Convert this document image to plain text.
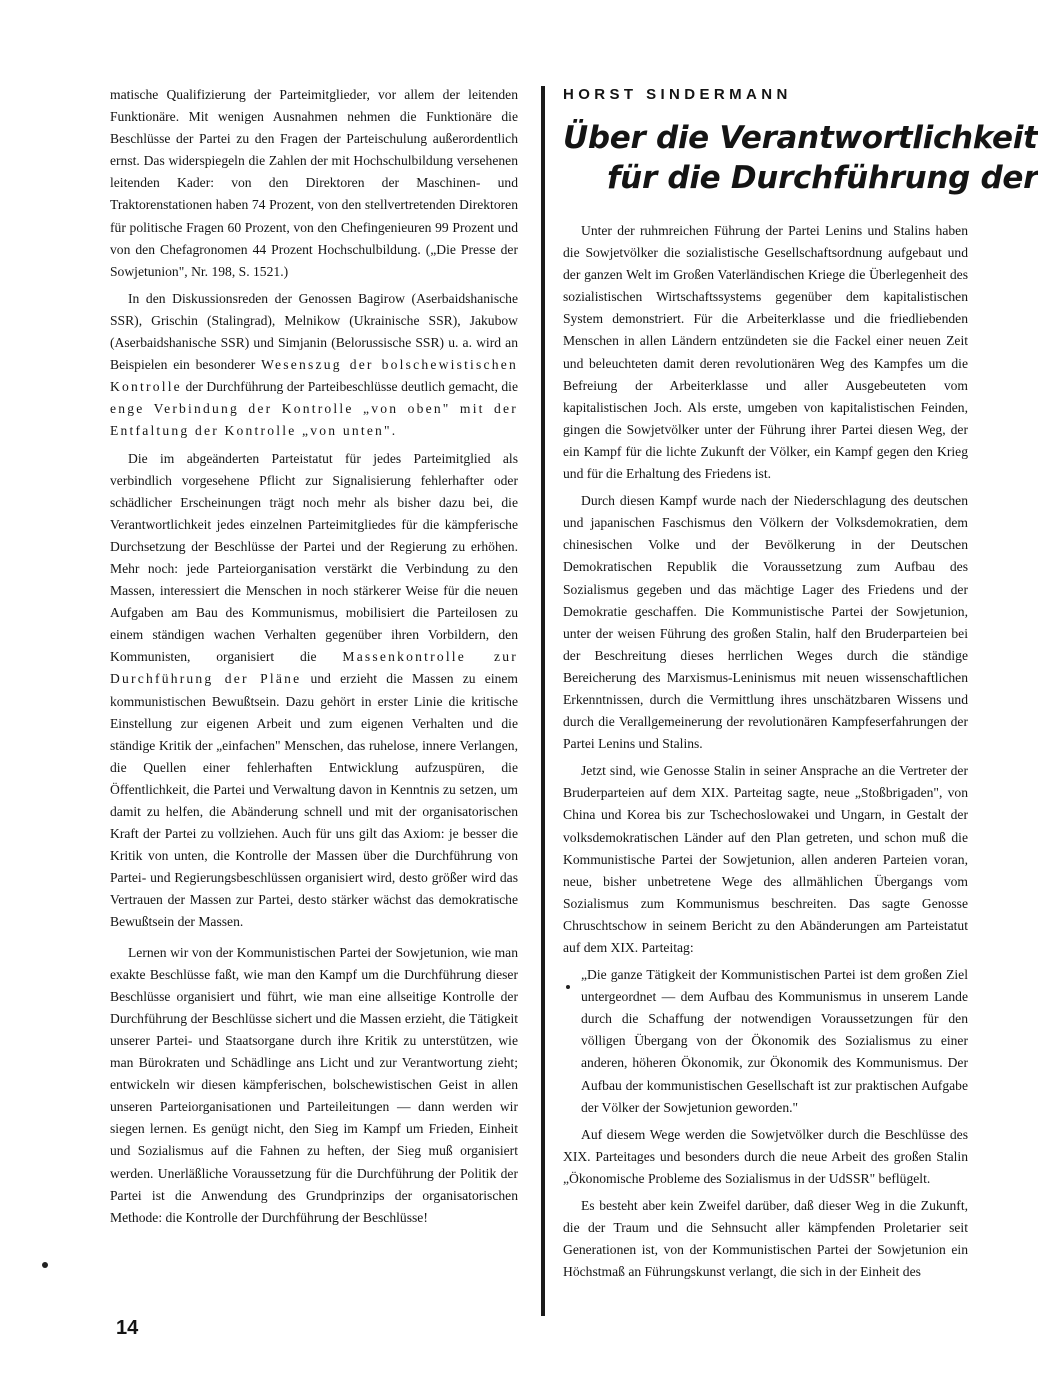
matische Qualifizierung der Parteimitglieder, vor allem der leitenden Funktionäre. Mit wenigen Ausnahmen nehmen die Funktionäre die Beschlüsse der Partei zu den Fragen der Parteischulung außerordentlich ernst. Das widerspiegeln die Zahlen der mit Hochschulbildung versehenen leitenden Kader: von den Direktoren der Maschinen- und Traktorenstationen haben 74 Prozent, von den stellvertretenden Direktoren für politische Fragen 60 Prozent, von den Chefingenieuren 99 Prozent und von den Chefagronomen 44 Prozent Hochschulbildung. („Die Presse der Sowjetunion", Nr. 198, S. 1521.)

In den Diskussionsreden der Genossen Bagirow (Aserbaidshanische SSR), Grischin (Stalingrad), Melnikow (Ukrainische SSR), Jakubow (Aserbaidshanische SSR) und Simjanin (Belorussische SSR) u. a. wird an Beispielen ein besonderer Wesenszug der bolschewistischen Kontrolle der Durchführung der Parteibeschlüsse deutlich gemacht, die enge Verbindung der Kontrolle „von oben" mit der Entfaltung der Kontrolle „von unten".

Die im abgeänderten Parteistatut für jedes Parteimitglied als verbindlich vorgesehene Pflicht zur Signalisierung fehlerhafter oder schädlicher Erscheinungen trägt noch mehr als bisher dazu bei, die Verantwortlichkeit jedes einzelnen Parteimitgliedes für die kämpferische Durchsetzung der Beschlüsse der Partei und der Regierung zu erhöhen. Mehr noch: jede Parteiorganisation verstärkt die Verbindung zu den Massen, interessiert die Menschen in noch stärkerer Weise für die neuen Aufgaben am Bau des Kommunismus, mobilisiert die Parteilosen zu einem ständigen wachen Verhalten gegenüber ihren Vorbildern, den Kommunisten, organisiert die Massenkontrolle zur Durchführung der Pläne und erzieht die Massen zu einem kommunistischen Bewußtsein. Dazu gehört in erster Linie die kritische Einstellung zur eigenen Arbeit und zum eigenen Verhalten und die ständige Kritik der „einfachen" Menschen, das ruhelose, innere Verlangen, die Quellen einer fehlerhaften Entwicklung aufzuspüren, die Öffentlichkeit, die Partei und Verwaltung davon in Kenntnis zu setzen, um damit zu helfen, die Abänderung schnell und mit der organisatorischen Kraft der Partei zu vollziehen. Auch für uns gilt das Axiom: je besser die Kritik von unten, die Kontrolle der Massen über die Durchführung von Partei- und Regierungsbeschlüssen organisiert wird, desto größer wird das Vertrauen der Massen zur Partei, desto stärker wächst das demokratische Bewußtsein der Massen.

Lernen wir von der Kommunistischen Partei der Sowjetunion, wie man exakte Beschlüsse faßt, wie man den Kampf um die Durchführung dieser Beschlüsse organisiert und führt, wie man eine allseitige Kontrolle der Durchführung der Beschlüsse sichert und die Massen erzieht, die Tätigkeit unserer Partei- und Staatsorgane durch ihre Kritik zu unterstützen, wie man Bürokraten und Schädlinge ans Licht und zur Verantwortung zieht; entwickeln wir diesen kämpferischen, bolschewistischen Geist in allen unseren Parteiorganisationen und Parteileitungen — dann werden wir siegen lernen. Es genügt nicht, den Sieg im Kampf um Frieden, Einheit und Sozialismus auf die Fahnen zu heften, der Sieg muß organisiert werden. Unerläßliche Voraussetzung für die Durchführung der Politik der Partei ist die Anwendung des Grundprinzips der organisatorischen Methode: die Kontrolle der Durchführung der Beschlüsse!

HORST SINDERMANN
Über die Verantwortlichkeit
für die Durchführung der

Unter der ruhmreichen Führung der Partei Lenins und Stalins haben die Sowjetvölker die sozialistische Gesellschaftsordnung aufgebaut und der ganzen Welt im Großen Vaterländischen Kriege die Überlegenheit des sozialistischen Wirtschaftssystems gegenüber dem kapitalistischen System demonstriert. Für die Arbeiterklasse und die friedliebenden Menschen in allen Ländern entzündeten sie die Fackel einer neuen Zeit und beleuchteten damit deren revolutionären Weg des Kampfes um die Befreiung der Arbeiterklasse und aller Ausgebeuteten vom kapitalistischen Joch. Als erste, umgeben von kapitalistischen Feinden, gingen die Sowjetvölker unter der Führung ihrer Partei diesen Weg, der ein Kampf für die lichte Zukunft der Völker, ein Kampf gegen den Krieg und für die Erhaltung des Friedens ist.

Durch diesen Kampf wurde nach der Niederschlagung des deutschen und japanischen Faschismus den Völkern der Volksdemokratien, dem chinesischen Volke und der Bevölkerung in der Deutschen Demokratischen Republik die Voraussetzung zum Aufbau des Sozialismus gegeben und das mächtige Lager des Friedens und der Demokratie geschaffen. Die Kommunistische Partei der Sowjetunion, unter der weisen Führung des großen Stalin, half den Bruderparteien bei der Beschreitung dieses herrlichen Weges durch die ständige Bereicherung des Marxismus-Leninismus mit neuen wissenschaftlichen Erkenntnissen, durch die Vermittlung ihres unschätzbaren Wissens und durch die Verallgemeinerung der revolutionären Kampfeserfahrungen der Partei Lenins und Stalins.

Jetzt sind, wie Genosse Stalin in seiner Ansprache an die Vertreter der Bruderparteien auf dem XIX. Parteitag sagte, neue „Stoßbrigaden", von China und Korea bis zur Tschechoslowakei und Ungarn, in Gestalt der volksdemokratischen Länder auf den Plan getreten, und schon muß die Kommunistische Partei der Sowjetunion, allen anderen Parteien voran, neue, bisher unbetretene Wege des allmählichen Übergangs vom Sozialismus zum Kommunismus beschreiten. Das sagte Genosse Chruschtschow in seinem Bericht zu den Abänderungen am Parteistatut auf dem XIX. Parteitag:

„Die ganze Tätigkeit der Kommunistischen Partei ist dem großen Ziel untergeordnet — dem Aufbau des Kommunismus in unserem Lande durch die Schaffung der notwendigen Voraussetzungen für den völligen Übergang von der Ökonomik des Sozialismus zu einer anderen, höheren Ökonomik, zur Ökonomik des Kommunismus. Der Aufbau der kommunistischen Gesellschaft ist zur praktischen Aufgabe der Völker der Sowjetunion geworden."

Auf diesem Wege werden die Sowjetvölker durch die Beschlüsse des XIX. Parteitages und besonders durch die neue Arbeit des großen Stalin „Ökonomische Probleme des Sozialismus in der UdSSR" beflügelt.

Es besteht aber kein Zweifel darüber, daß dieser Weg in die Zukunft, die der Traum und die Sehnsucht aller kämpfenden Proletarier seit Generationen ist, von der Kommunistischen Partei der Sowjetunion ein Höchstmaß an Führungskunst verlangt, die sich in der Einheit des

14
